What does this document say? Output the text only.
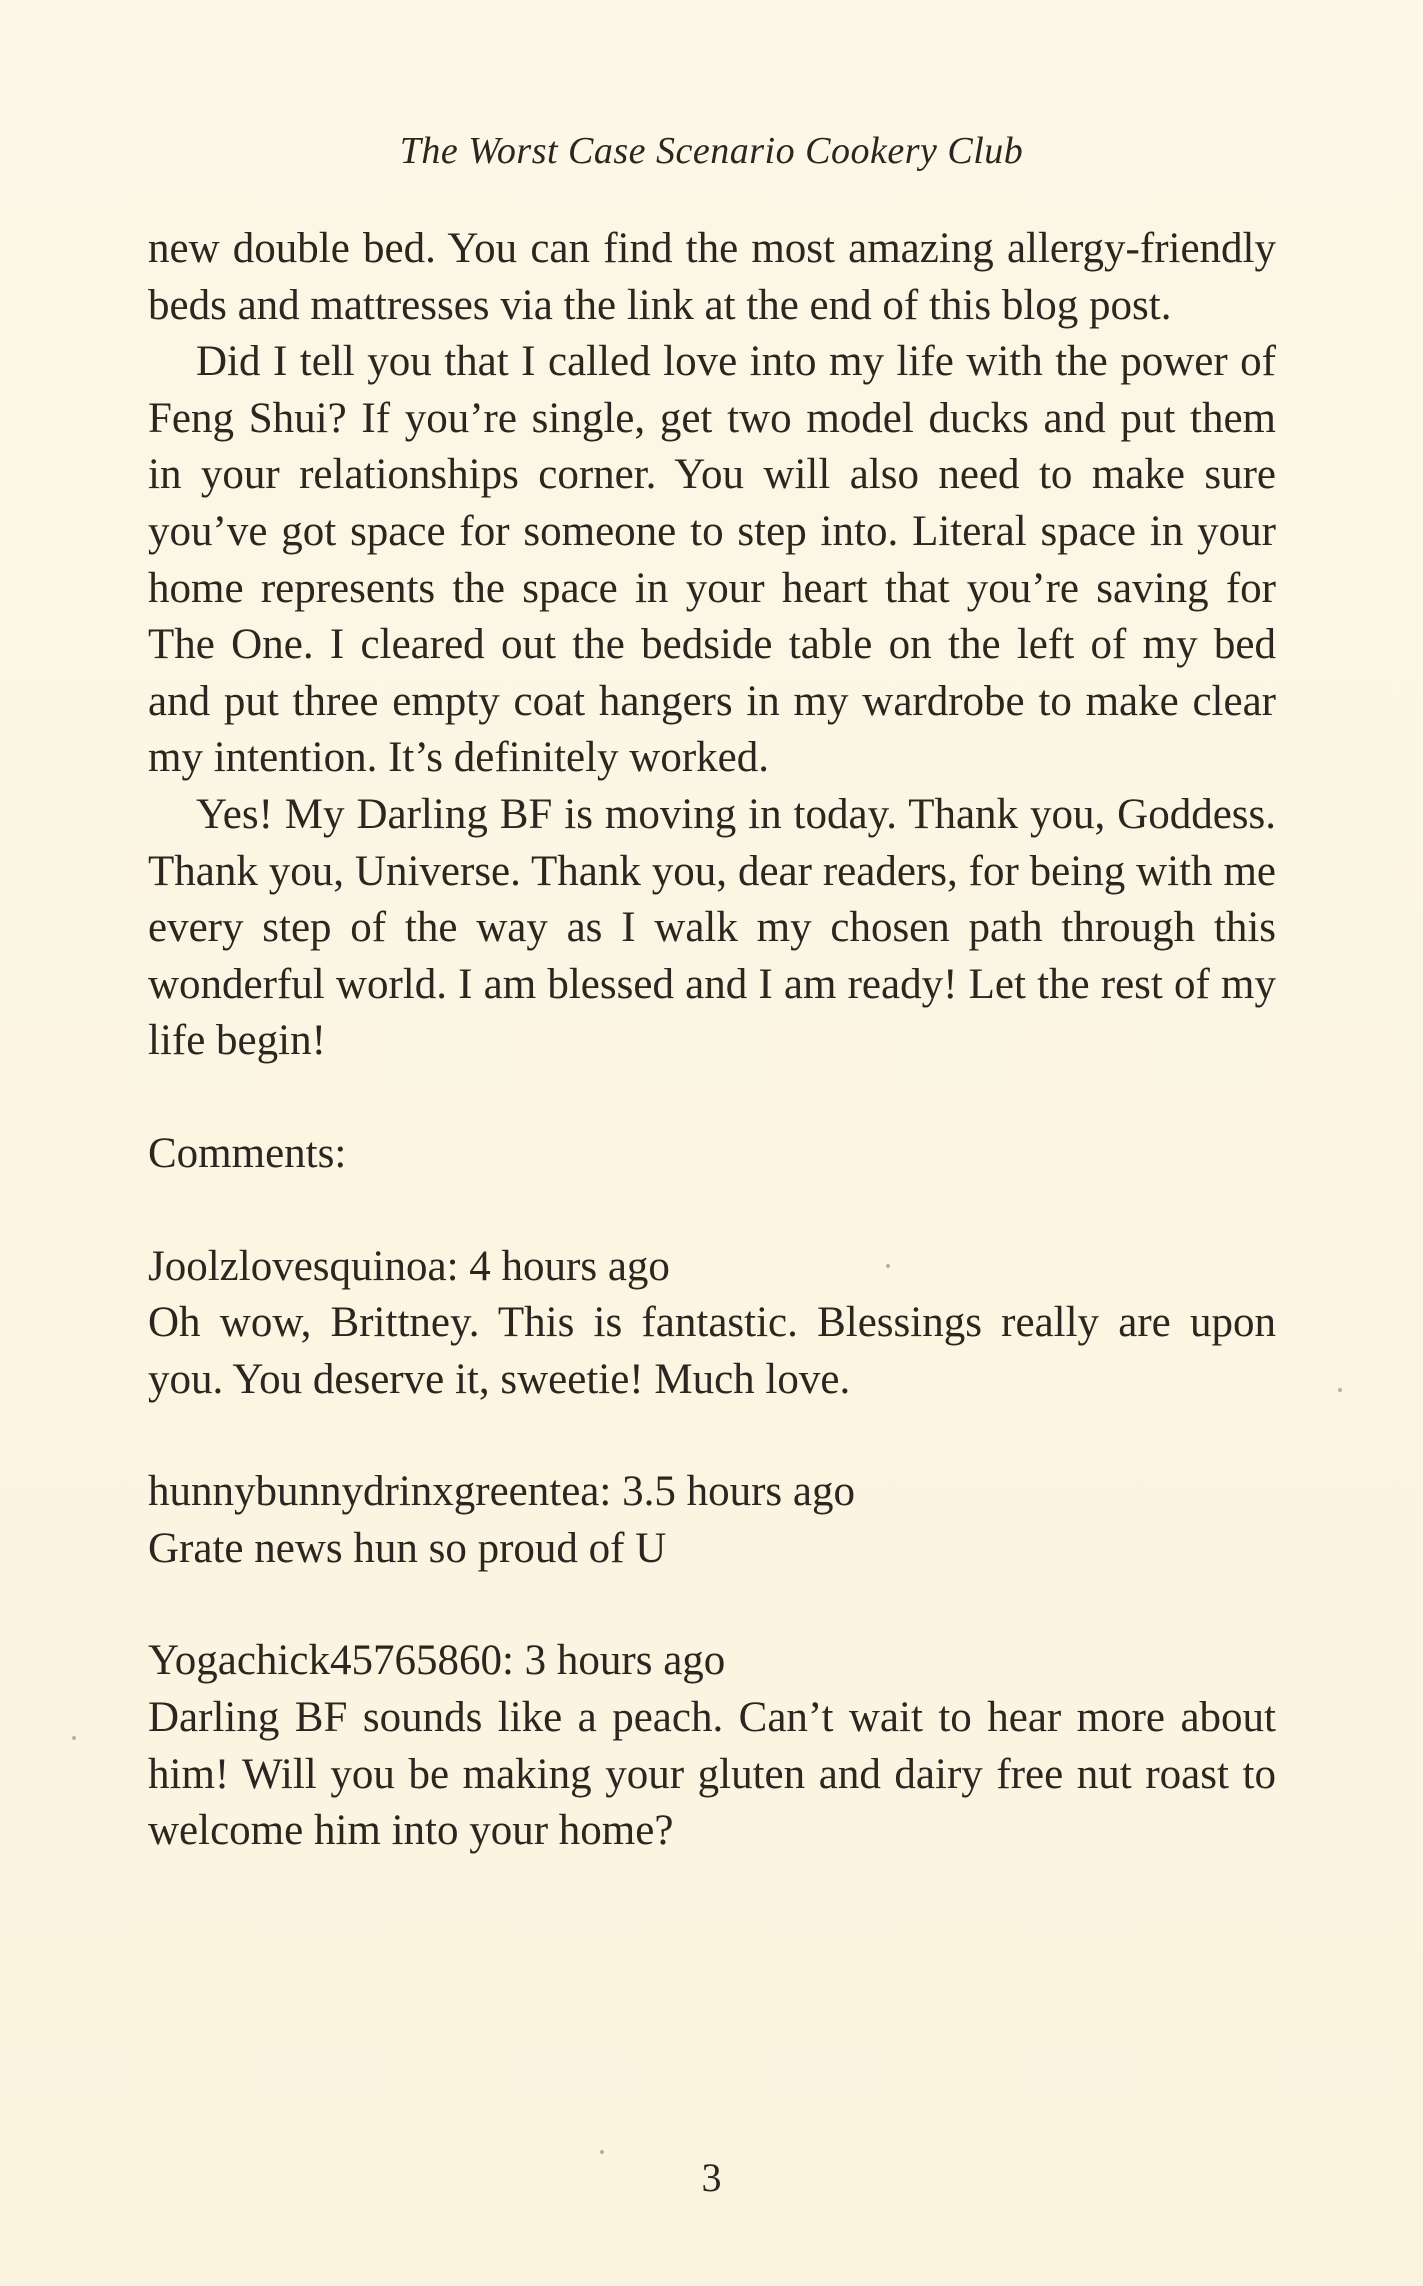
The Worst Case Scenario Cookery Club

new double bed. You can find the most amazing allergy-friendly beds and mattresses via the link at the end of this blog post.

Did I tell you that I called love into my life with the power of Feng Shui? If you’re single, get two model ducks and put them in your relationships corner. You will also need to make sure you’ve got space for someone to step into. Literal space in your home represents the space in your heart that you’re saving for The One. I cleared out the bedside table on the left of my bed and put three empty coat hangers in my wardrobe to make clear my intention. It’s definitely worked.

Yes! My Darling BF is moving in today. Thank you, Goddess. Thank you, Universe. Thank you, dear readers, for being with me every step of the way as I walk my chosen path through this wonderful world. I am blessed and I am ready! Let the rest of my life begin!

Comments:

Joolzlovesquinoa: 4 hours ago
Oh wow, Brittney. This is fantastic. Blessings really are upon you. You deserve it, sweetie! Much love.
hunnybunnydrinxgreentea: 3.5 hours ago
Grate news hun so proud of U
Yogachick45765860: 3 hours ago
Darling BF sounds like a peach. Can’t wait to hear more about him! Will you be making your gluten and dairy free nut roast to welcome him into your home?
3
